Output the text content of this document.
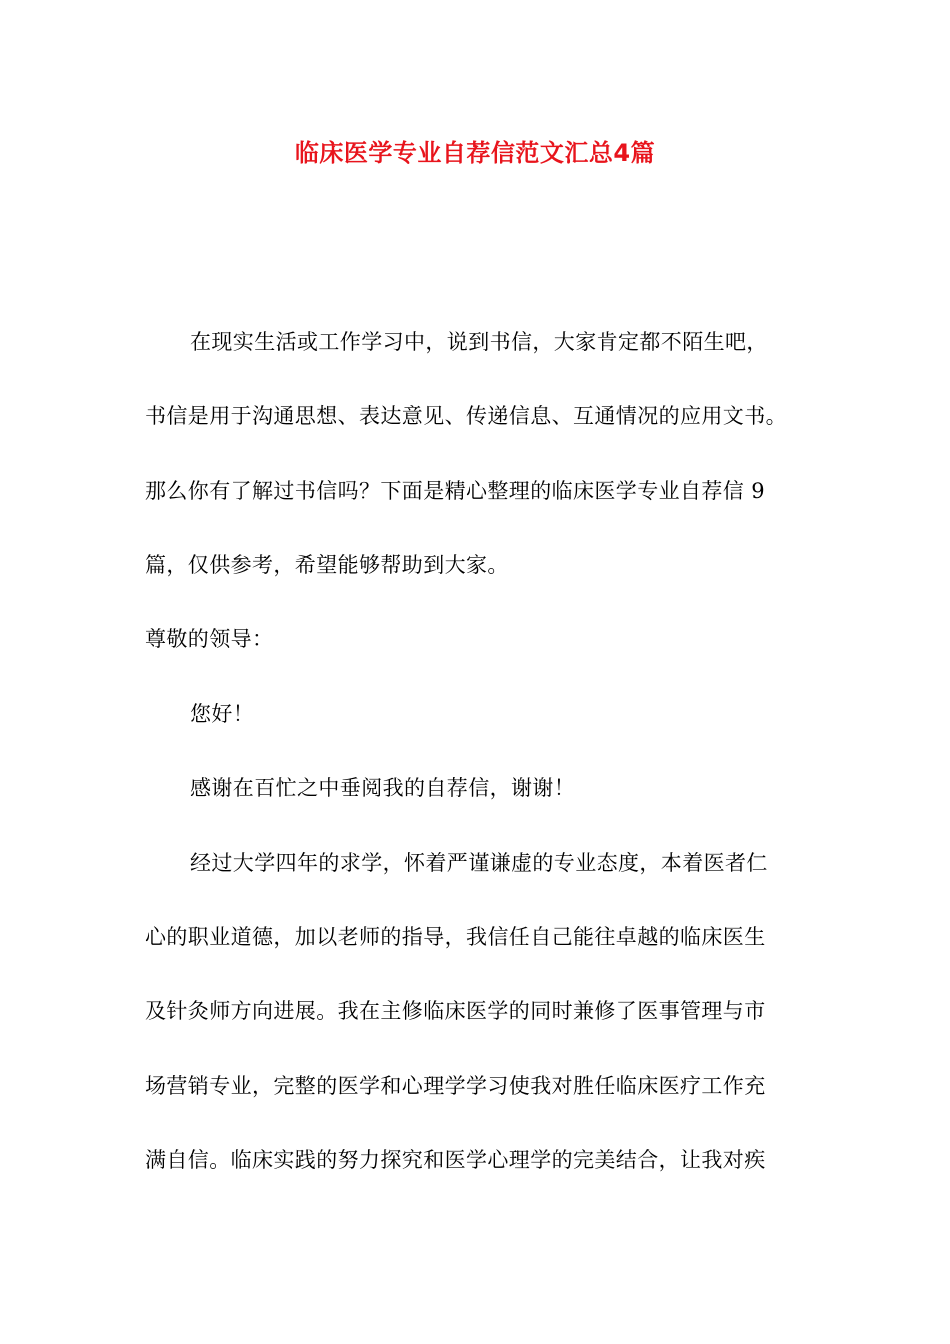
临床医学专业自荐信范文汇总4篇
在现实生活或工作学习中，说到书信，大家肯定都不陌生吧，
书信是用于沟通思想、表达意见、传递信息、互通情况的应用文书。
那么你有了解过书信吗？下面是精心整理的临床医学专业自荐信 9
篇，仅供参考，希望能够帮助到大家。
尊敬的领导：
您好！
感谢在百忙之中垂阅我的自荐信，谢谢！
经过大学四年的求学，怀着严谨谦虚的专业态度，本着医者仁
心的职业道德，加以老师的指导，我信任自己能往卓越的临床医生
及针灸师方向进展。我在主修临床医学的同时兼修了医事管理与市
场营销专业，完整的医学和心理学学习使我对胜任临床医疗工作充
满自信。临床实践的努力探究和医学心理学的完美结合，让我对疾
